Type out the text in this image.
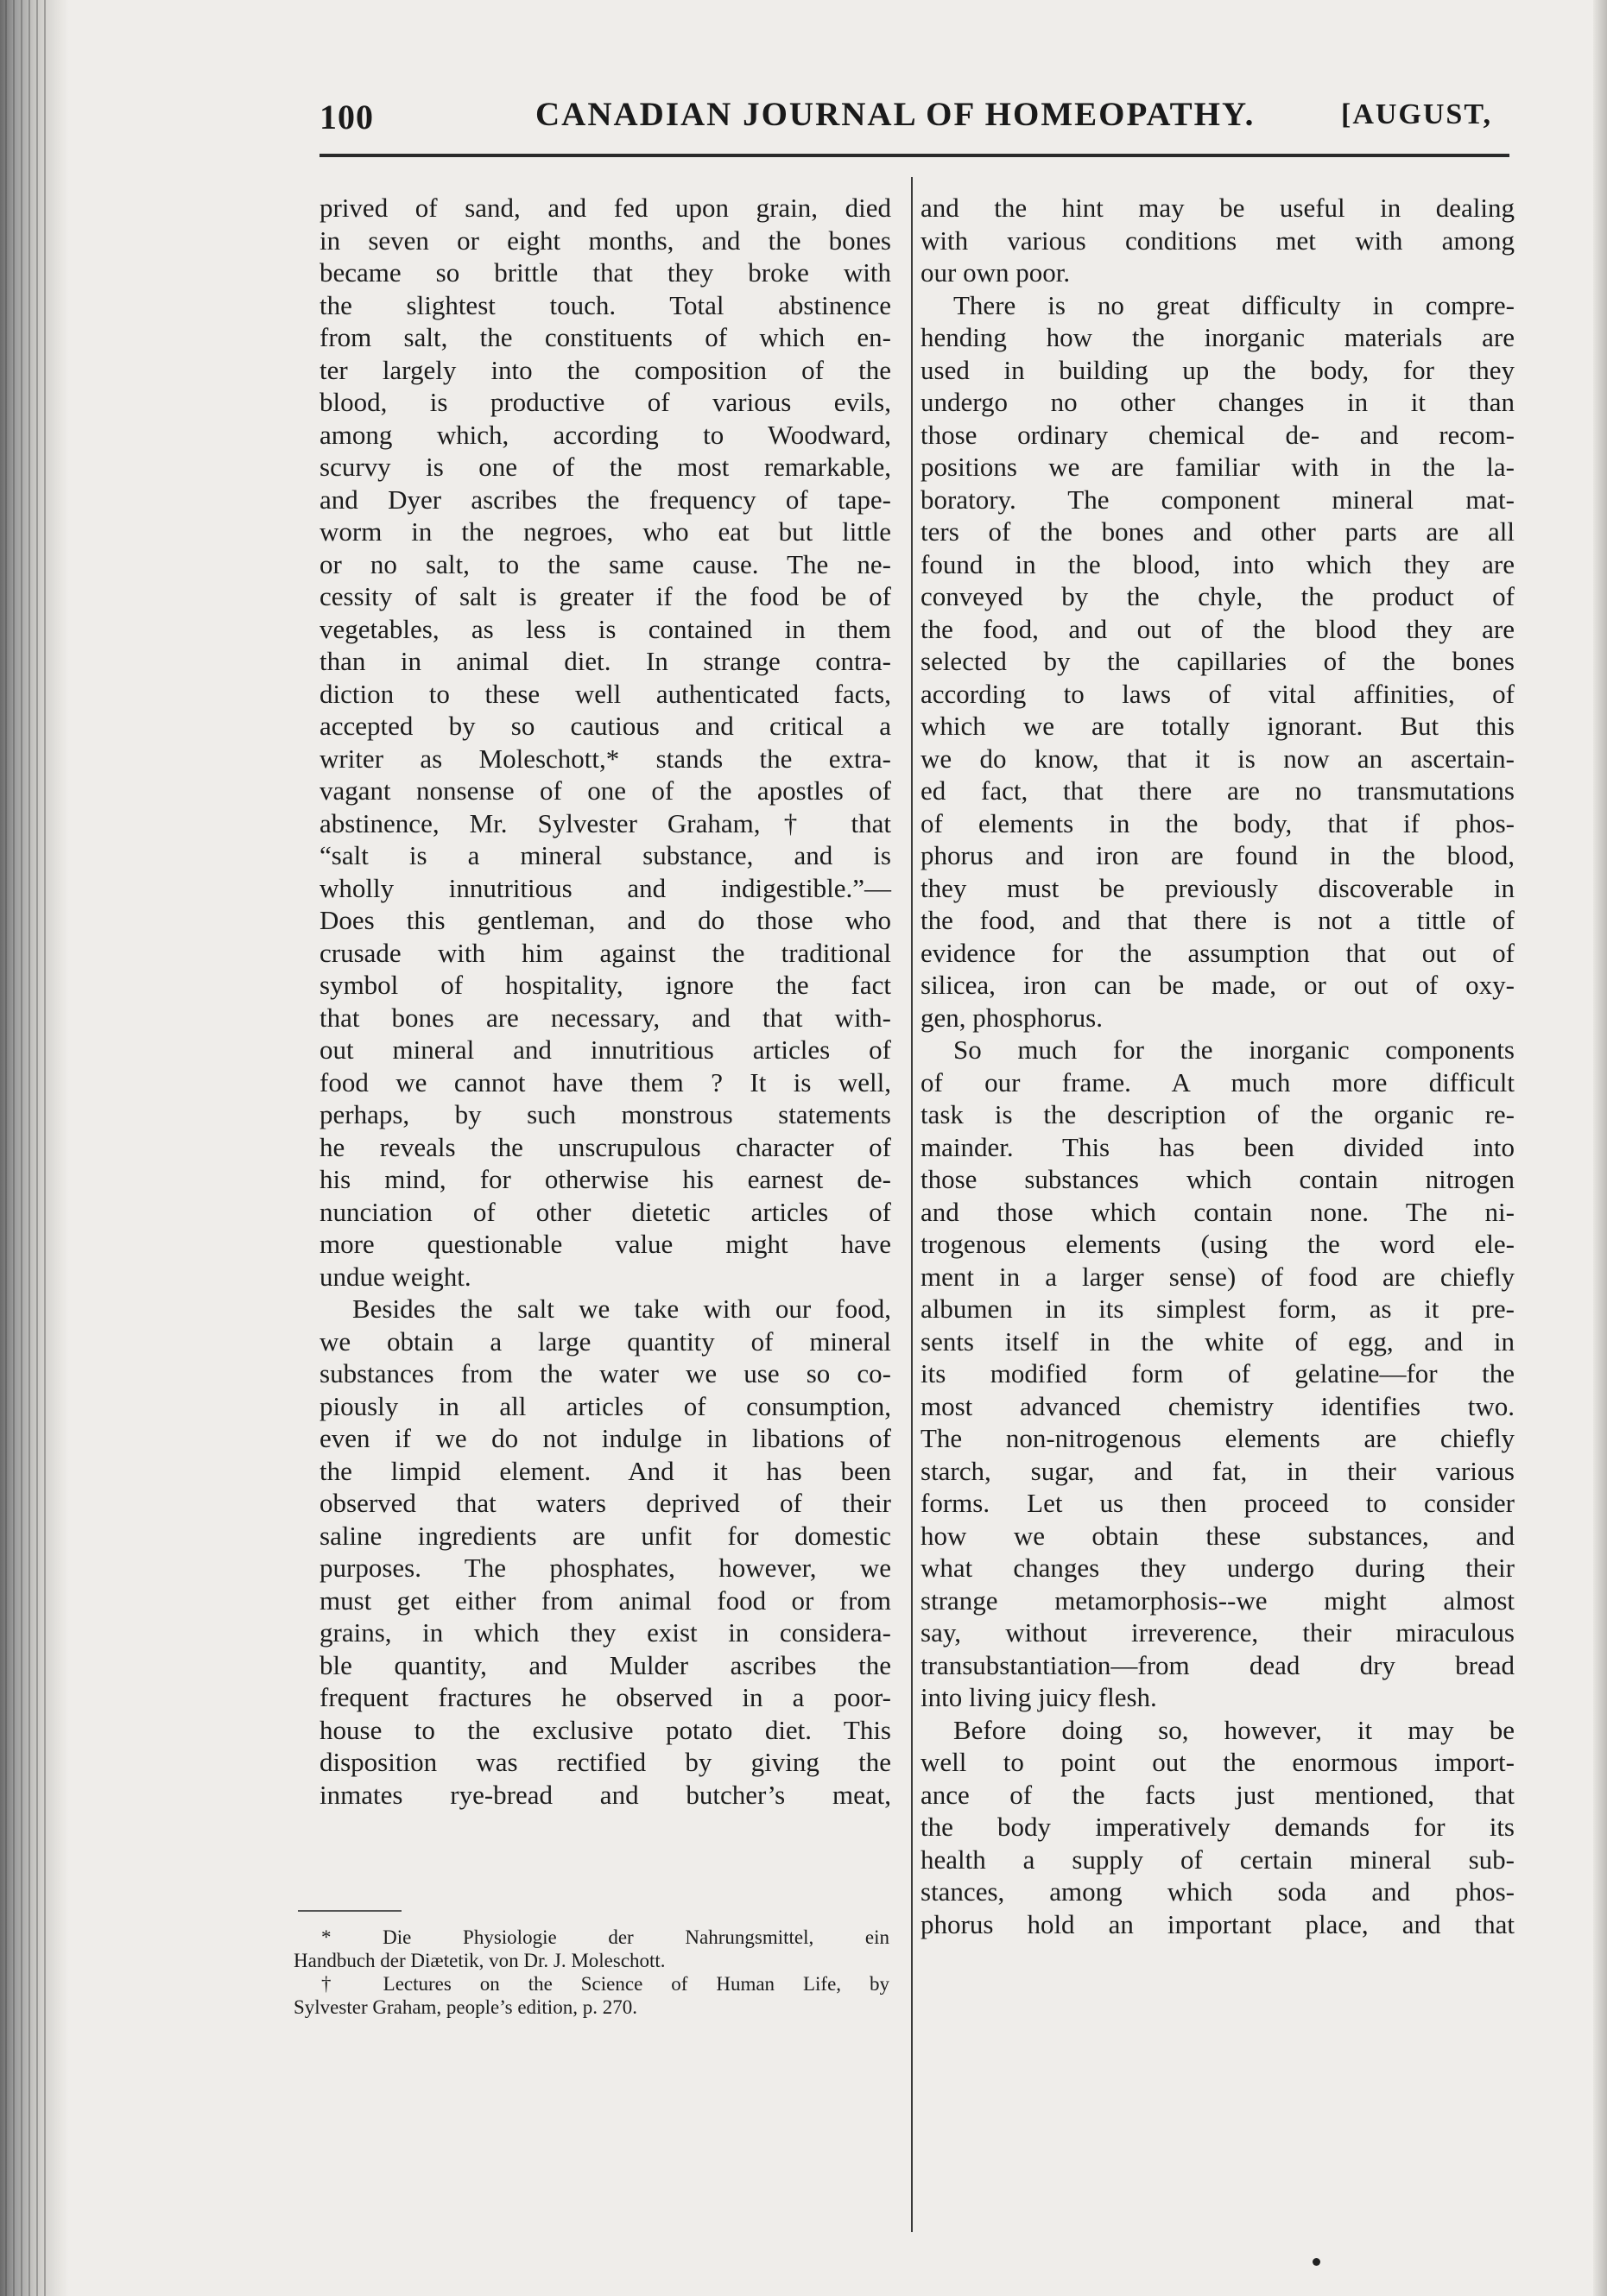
100	CANADIAN JOURNAL OF HOMEOPATHY.	[AUGUST,
prived of sand, and fed upon grain, died
in seven or eight months, and the bones
became so brittle that they broke with
the slightest touch. Total abstinence
from salt, the constituents of which en-
ter largely into the composition of the
blood, is productive of various evils,
among which, according to Woodward,
scurvy is one of the most remarkable,
and Dyer ascribes the frequency of tape-
worm in the negroes, who eat but little
or no salt, to the same cause. The ne-
cessity of salt is greater if the food be of
vegetables, as less is contained in them
than in animal diet. In strange contra-
diction to these well authenticated facts,
accepted by so cautious and critical a
writer as Moleschott,* stands the extra-
vagant nonsense of one of the apostles of
abstinence, Mr. Sylvester Graham,† that
“salt is a mineral substance, and is
wholly innutritious and indigestible.”—
Does this gentleman, and do those who
crusade with him against the traditional
symbol of hospitality, ignore the fact
that bones are necessary, and that with-
out mineral and innutritious articles of
food we cannot have them ? It is well,
perhaps, by such monstrous statements
he reveals the unscrupulous character of
his mind, for otherwise his earnest de-
nunciation of other dietetic articles of
more questionable value might have
undue weight.
Besides the salt we take with our food,
we obtain a large quantity of mineral
substances from the water we use so co-
piously in all articles of consumption,
even if we do not indulge in libations of
the limpid element. And it has been
observed that waters deprived of their
saline ingredients are unfit for domestic
purposes. The phosphates, however, we
must get either from animal food or from
grains, in which they exist in considera-
ble quantity, and Mulder ascribes the
frequent fractures he observed in a poor-
house to the exclusive potato diet. This
disposition was rectified by giving the
inmates rye-bread and butcher’s meat,
and the hint may be useful in dealing
with various conditions met with among
our own poor.
There is no great difficulty in compre-
hending how the inorganic materials are
used in building up the body, for they
undergo no other changes in it than
those ordinary chemical de- and recom-
positions we are familiar with in the la-
boratory. The component mineral mat-
ters of the bones and other parts are all
found in the blood, into which they are
conveyed by the chyle, the product of
the food, and out of the blood they are
selected by the capillaries of the bones
according to laws of vital affinities, of
which we are totally ignorant. But this
we do know, that it is now an ascertain-
ed fact, that there are no transmutations
of elements in the body, that if phos-
phorus and iron are found in the blood,
they must be previously discoverable in
the food, and that there is not a tittle of
evidence for the assumption that out of
silicea, iron can be made, or out of oxy-
gen, phosphorus.
So much for the inorganic components
of our frame. A much more difficult
task is the description of the organic re-
mainder. This has been divided into
those substances which contain nitrogen
and those which contain none. The ni-
trogenous elements (using the word ele-
ment in a larger sense) of food are chiefly
albumen in its simplest form, as it pre-
sents itself in the white of egg, and in
its modified form of gelatine—for the
most advanced chemistry identifies two.
The non-nitrogenous elements are chiefly
starch, sugar, and fat, in their various
forms. Let us then proceed to consider
how we obtain these substances, and
what changes they undergo during their
strange metamorphosis--we might almost
say, without irreverence, their miraculous
transubstantiation—from dead dry bread
into living juicy flesh.
Before doing so, however, it may be
well to point out the enormous import-
ance of the facts just mentioned, that
the body imperatively demands for its
health a supply of certain mineral sub-
stances, among which soda and phos-
phorus hold an important place, and that
* Die Physiologie der Nahrungsmittel, ein
Handbuch der Diætetik, von Dr. J. Moleschott.
† Lectures on the Science of Human Life, by
Sylvester Graham, people’s edition, p. 270.
